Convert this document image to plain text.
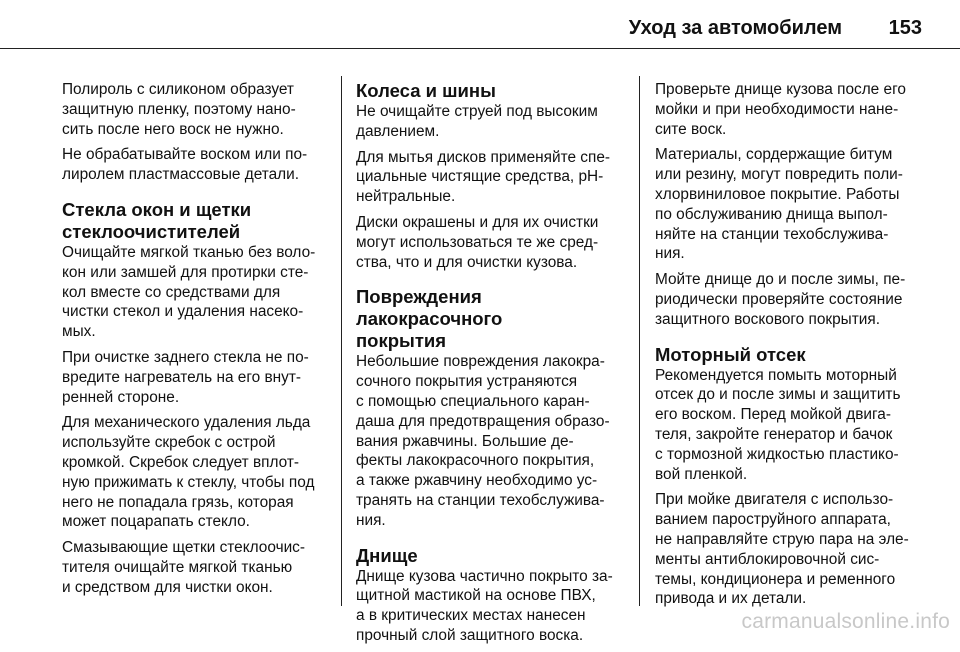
Уход за автомобилем 153

Полироль с силиконом образует
защитную пленку, поэтому нано-
сить после него воск не нужно.

Не обрабатывайте воском или по-
лиролем пластмассовые детали.

Стекла окон и щетки
стеклоочистителей

Очищайте мягкой тканью без воло-
кон или замшей для протирки сте-
кол вместе со средствами для
чистки стекол и удаления насеко-
мых.

При очистке заднего стекла не по-
вредите нагреватель на его внут-
ренней стороне.

Для механического удаления льда
используйте скребок с острой
кромкой. Скребок следует вплот-
ную прижимать к стеклу, чтобы под
него не попадала грязь, которая
может поцарапать стекло.

Смазывающие щетки стеклоочис-
тителя очищайте мягкой тканью
и средством для чистки окон.

Колеса и шины

Не очищайте струей под высоким
давлением.

Для мытья дисков применяйте спе-
циальные чистящие средства, pH-
нейтральные.

Диски окрашены и для их очистки
могут использоваться те же сред-
ства, что и для очистки кузова.

Повреждения лакокрасочного
покрытия

Небольшие повреждения лакокра-
сочного покрытия устраняются
с помощью специального каран-
даша для предотвращения образо-
вания ржавчины. Большие де-
фекты лакокрасочного покрытия,
а также ржавчину необходимо ус-
транять на станции техобслужива-
ния.

Днище

Днище кузова частично покрыто за-
щитной мастикой на основе ПВХ,
а в критических местах нанесен
прочный слой защитного воска.

Проверьте днище кузова после его
мойки и при необходимости нане-
сите воск.

Материалы, сордержащие битум
или резину, могут повредить поли-
хлорвиниловое покрытие. Работы
по обслуживанию днища выпол-
няйте на станции техобслужива-
ния.

Мойте днище до и после зимы, пе-
риодически проверяйте состояние
защитного воскового покрытия.

Моторный отсек

Рекомендуется помыть моторный
отсек до и после зимы и защитить
его воском. Перед мойкой двига-
теля, закройте генератор и бачок
с тормозной жидкостью пластико-
вой пленкой.

При мойке двигателя с использо-
ванием пароструйного аппарата,
не направляйте струю пара на эле-
менты антиблокировочной сис-
темы, кондиционера и ременного
привода и их детали.

carmanualsonline.info
